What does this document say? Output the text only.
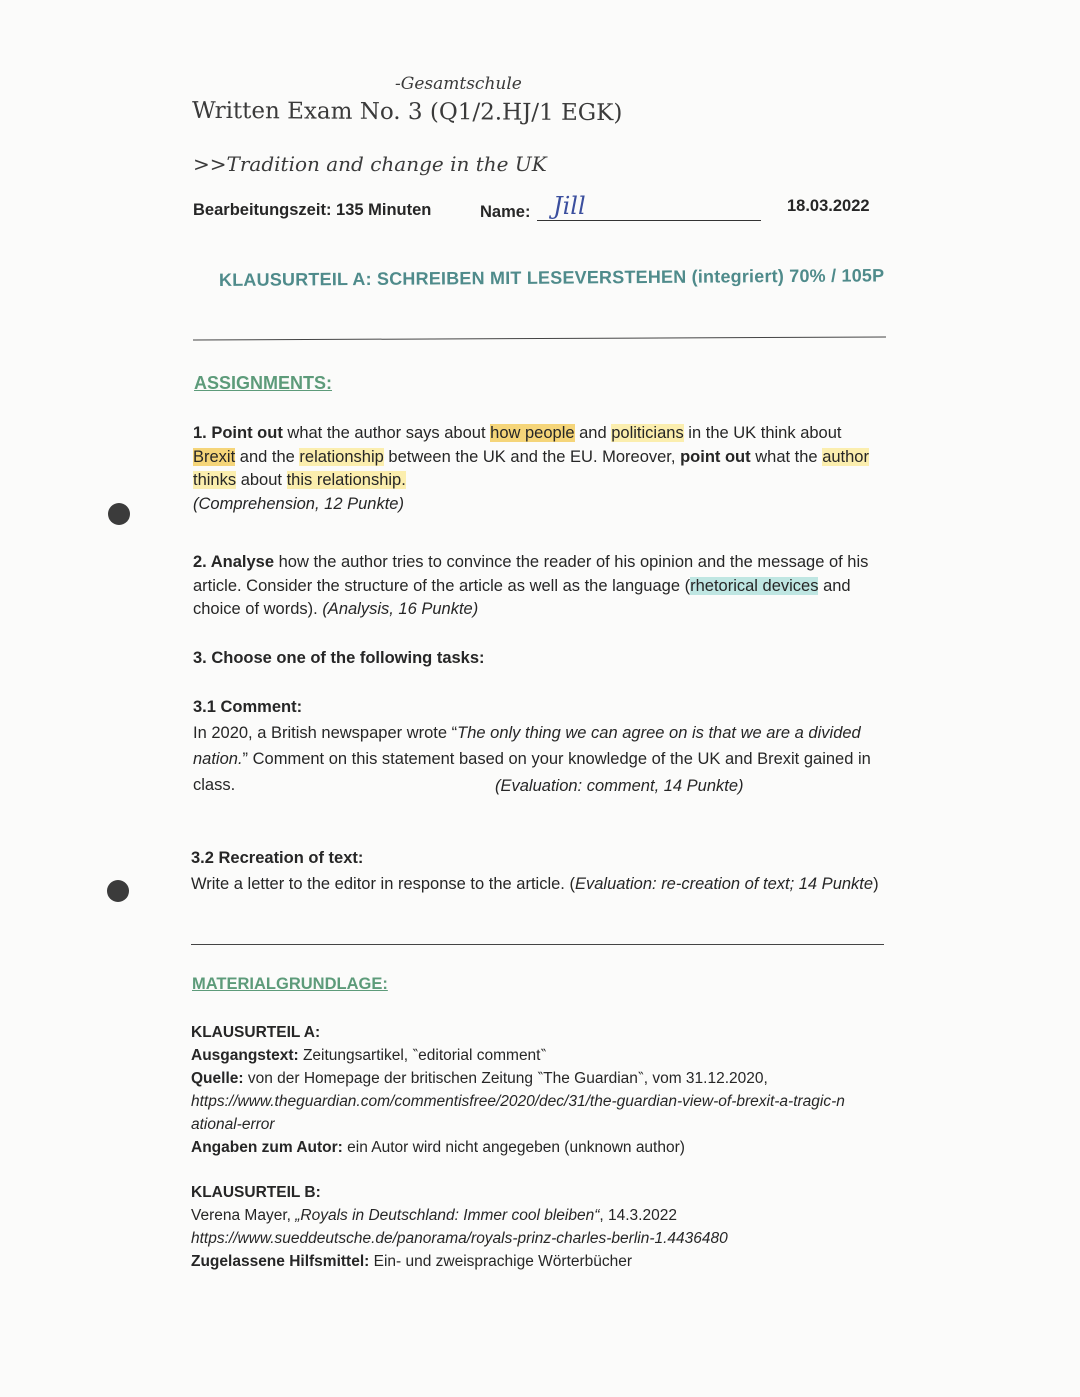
-Gesamtschule
Written Exam No. 3 (Q1/2.HJ/1 EGK)
>>Tradition and change in the UK
Bearbeitungszeit: 135 Minuten	Name: Jill	18.03.2022
KLAUSURTEIL A: SCHREIBEN MIT LESEVERSTEHEN (integriert) 70% / 105P
ASSIGNMENTS:

1. Point out what the author says about how people and politicians in the UK think about Brexit and the relationship between the UK and the EU. Moreover, point out what the author thinks about this relationship.

(Comprehension, 12 Punkte)

2. Analyse how the author tries to convince the reader of his opinion and the message of his article. Consider the structure of the article as well as the language (rhetorical devices and choice of words). (Analysis, 16 Punkte)

3. Choose one of the following tasks:

3.1 Comment:

In 2020, a British newspaper wrote “The only thing we can agree on is that we are a divided nation.” Comment on this statement based on your knowledge of the UK and Brexit gained in class.	(Evaluation: comment, 14 Punkte)

3.2 Recreation of text:

Write a letter to the editor in response to the article. (Evaluation: re-creation of text; 14 Punkte)

MATERIALGRUNDLAGE:

KLAUSURTEIL A:

Ausgangstext: Zeitungsartikel, ‶editorial comment‶

Quelle: von der Homepage der britischen Zeitung ‶The Guardian‶, vom 31.12.2020,

https://www.theguardian.com/commentisfree/2020/dec/31/the-guardian-view-of-brexit-a-tragic-national-error

Angaben zum Autor: ein Autor wird nicht angegeben (unknown author)

KLAUSURTEIL B:

Verena Mayer, „Royals in Deutschland: Immer cool bleiben“, 14.3.2022

https://www.sueddeutsche.de/panorama/royals-prinz-charles-berlin-1.4436480

Zugelassene Hilfsmittel: Ein- und zweisprachige Wörterbücher
